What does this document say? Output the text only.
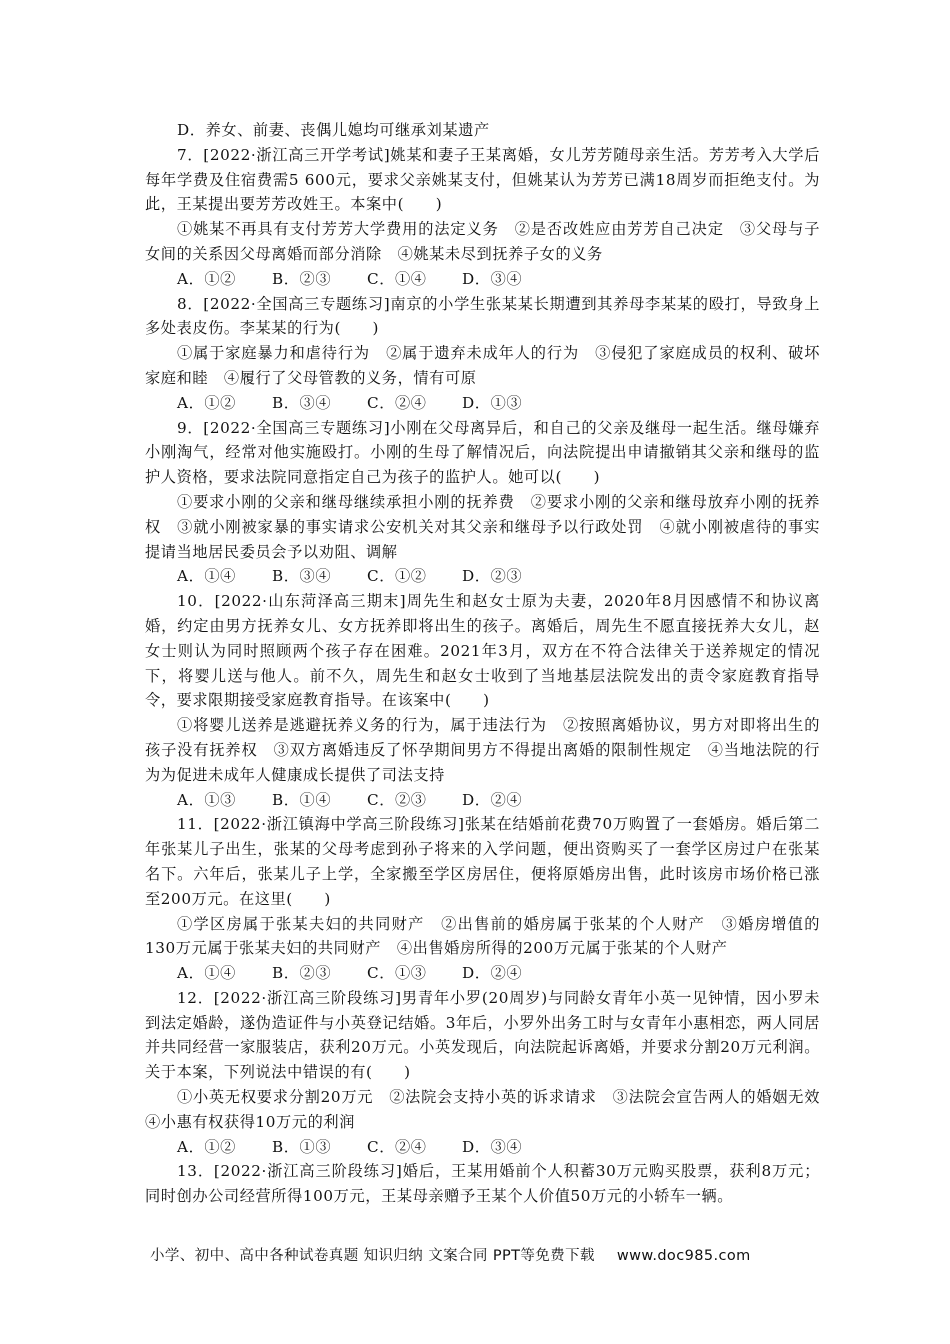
D．养女、前妻、丧偶儿媳均可继承刘某遗产

7．[2022·浙江高三开学考试]姚某和妻子王某离婚，女儿芳芳随母亲生活。芳芳考入大学后每年学费及住宿费需5 600元，要求父亲姚某支付，但姚某认为芳芳已满18周岁而拒绝支付。为此，王某提出要芳芳改姓王。本案中(　　)

①姚某不再具有支付芳芳大学费用的法定义务　②是否改姓应由芳芳自己决定　③父母与子女间的关系因父母离婚而部分消除　④姚某未尽到抚养子女的义务

A．①② B．②③ C．①④ D．③④

8．[2022·全国高三专题练习]南京的小学生张某某长期遭到其养母李某某的殴打，导致身上多处表皮伤。李某某的行为(　　)

①属于家庭暴力和虐待行为　②属于遗弃未成年人的行为　③侵犯了家庭成员的权利、破坏家庭和睦　④履行了父母管教的义务，情有可原

A．①② B．③④ C．②④ D．①③

9．[2022·全国高三专题练习]小刚在父母离异后，和自己的父亲及继母一起生活。继母嫌弃小刚淘气，经常对他实施殴打。小刚的生母了解情况后，向法院提出申请撤销其父亲和继母的监护人资格，要求法院同意指定自己为孩子的监护人。她可以(　　)

①要求小刚的父亲和继母继续承担小刚的抚养费　②要求小刚的父亲和继母放弃小刚的抚养权　③就小刚被家暴的事实请求公安机关对其父亲和继母予以行政处罚　④就小刚被虐待的事实提请当地居民委员会予以劝阻、调解

A．①④ B．③④ C．①② D．②③

10．[2022·山东菏泽高三期末]周先生和赵女士原为夫妻，2020年8月因感情不和协议离婚，约定由男方抚养女儿、女方抚养即将出生的孩子。离婚后，周先生不愿直接抚养大女儿，赵女士则认为同时照顾两个孩子存在困难。2021年3月，双方在不符合法律关于送养规定的情况下，将婴儿送与他人。前不久，周先生和赵女士收到了当地基层法院发出的责令家庭教育指导令，要求限期接受家庭教育指导。在该案中(　　)

①将婴儿送养是逃避抚养义务的行为，属于违法行为　②按照离婚协议，男方对即将出生的孩子没有抚养权　③双方离婚违反了怀孕期间男方不得提出离婚的限制性规定　④当地法院的行为为促进未成年人健康成长提供了司法支持

A．①③ B．①④ C．②③ D．②④

11．[2022·浙江镇海中学高三阶段练习]张某在结婚前花费70万购置了一套婚房。婚后第二年张某儿子出生，张某的父母考虑到孙子将来的入学问题，便出资购买了一套学区房过户在张某名下。六年后，张某儿子上学，全家搬至学区房居住，便将原婚房出售，此时该房市场价格已涨至200万元。在这里(　　)

①学区房属于张某夫妇的共同财产　②出售前的婚房属于张某的个人财产　③婚房增值的130万元属于张某夫妇的共同财产　④出售婚房所得的200万元属于张某的个人财产

A．①④ B．②③ C．①③ D．②④

12．[2022·浙江高三阶段练习]男青年小罗(20周岁)与同龄女青年小英一见钟情，因小罗未到法定婚龄，遂伪造证件与小英登记结婚。3年后，小罗外出务工时与女青年小惠相恋，两人同居并共同经营一家服装店，获利20万元。小英发现后，向法院起诉离婚，并要求分割20万元利润。关于本案，下列说法中错误的有(　　)

①小英无权要求分割20万元　②法院会支持小英的诉求请求　③法院会宣告两人的婚姻无效　④小惠有权获得10万元的利润

A．①② B．①③ C．②④ D．③④

13．[2022·浙江高三阶段练习]婚后，王某用婚前个人积蓄30万元购买股票，获利8万元；同时创办公司经营所得100万元，王某母亲赠予王某个人价值50万元的小轿车一辆。

小学、初中、高中各种试卷真题 知识归纳 文案合同 PPT等免费下载 www.doc985.com
